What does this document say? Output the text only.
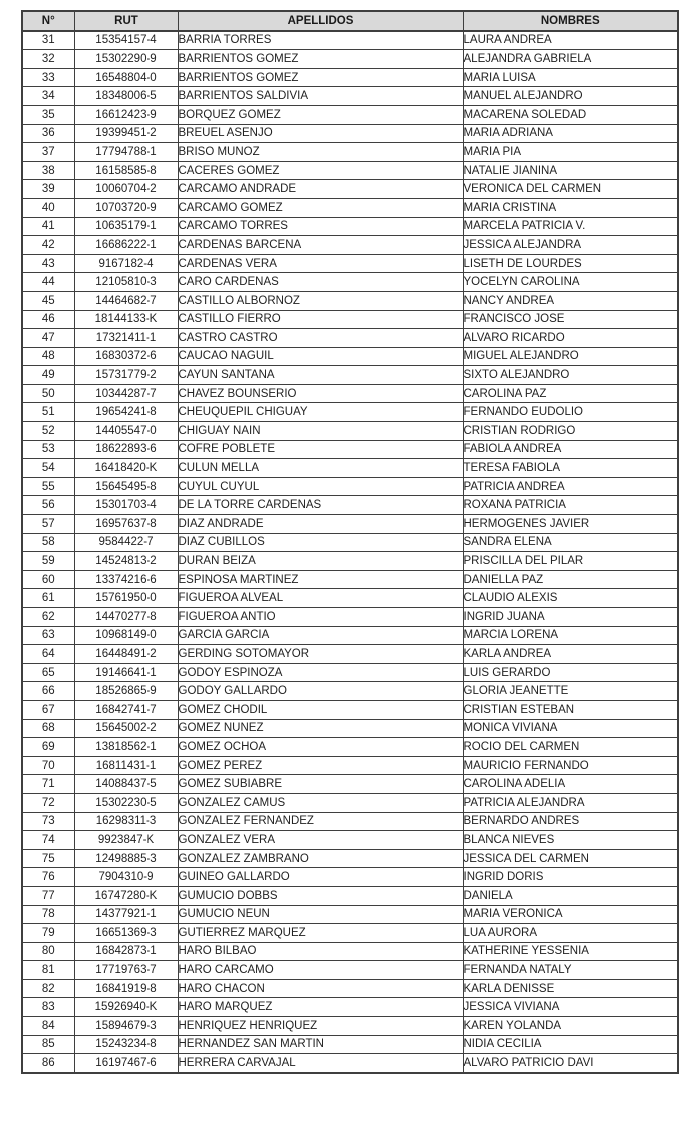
N°	RUT	APELLIDOS	NOMBRES
31	15354157-4	BARRIA TORRES	LAURA ANDREA
32	15302290-9	BARRIENTOS GOMEZ	ALEJANDRA GABRIELA
33	16548804-0	BARRIENTOS GOMEZ	MARIA LUISA
34	18348006-5	BARRIENTOS SALDIVIA	MANUEL ALEJANDRO
35	16612423-9	BORQUEZ GOMEZ	MACARENA SOLEDAD
36	19399451-2	BREUEL ASENJO	MARIA ADRIANA
37	17794788-1	BRISO MUNOZ	MARIA PIA
38	16158585-8	CACERES GOMEZ	NATALIE JIANINA
39	10060704-2	CARCAMO ANDRADE	VERONICA DEL CARMEN
40	10703720-9	CARCAMO GOMEZ	MARIA CRISTINA
41	10635179-1	CARCAMO TORRES	MARCELA PATRICIA V.
42	16686222-1	CARDENAS BARCENA	JESSICA ALEJANDRA
43	9167182-4	CARDENAS VERA	LISETH DE LOURDES
44	12105810-3	CARO CARDENAS	YOCELYN CAROLINA
45	14464682-7	CASTILLO ALBORNOZ	NANCY ANDREA
46	18144133-K	CASTILLO FIERRO	FRANCISCO JOSE
47	17321411-1	CASTRO CASTRO	ALVARO RICARDO
48	16830372-6	CAUCAO NAGUIL	MIGUEL ALEJANDRO
49	15731779-2	CAYUN SANTANA	SIXTO ALEJANDRO
50	10344287-7	CHAVEZ BOUNSERIO	CAROLINA PAZ
51	19654241-8	CHEUQUEPIL CHIGUAY	FERNANDO EUDOLIO
52	14405547-0	CHIGUAY NAIN	CRISTIAN RODRIGO
53	18622893-6	COFRE POBLETE	FABIOLA ANDREA
54	16418420-K	CULUN MELLA	TERESA FABIOLA
55	15645495-8	CUYUL CUYUL	PATRICIA ANDREA
56	15301703-4	DE LA TORRE CARDENAS	ROXANA PATRICIA
57	16957637-8	DIAZ ANDRADE	HERMOGENES JAVIER
58	9584422-7	DIAZ CUBILLOS	SANDRA ELENA
59	14524813-2	DURAN BEIZA	PRISCILLA DEL PILAR
60	13374216-6	ESPINOSA MARTINEZ	DANIELLA PAZ
61	15761950-0	FIGUEROA ALVEAL	CLAUDIO ALEXIS
62	14470277-8	FIGUEROA ANTIO	INGRID JUANA
63	10968149-0	GARCIA GARCIA	MARCIA LORENA
64	16448491-2	GERDING SOTOMAYOR	KARLA ANDREA
65	19146641-1	GODOY ESPINOZA	LUIS GERARDO
66	18526865-9	GODOY GALLARDO	GLORIA JEANETTE
67	16842741-7	GOMEZ CHODIL	CRISTIAN ESTEBAN
68	15645002-2	GOMEZ NUNEZ	MONICA VIVIANA
69	13818562-1	GOMEZ OCHOA	ROCIO DEL CARMEN
70	16811431-1	GOMEZ PEREZ	MAURICIO FERNANDO
71	14088437-5	GOMEZ SUBIABRE	CAROLINA ADELIA
72	15302230-5	GONZALEZ CAMUS	PATRICIA ALEJANDRA
73	16298311-3	GONZALEZ FERNANDEZ	BERNARDO ANDRES
74	9923847-K	GONZALEZ VERA	BLANCA NIEVES
75	12498885-3	GONZALEZ ZAMBRANO	JESSICA DEL CARMEN
76	7904310-9	GUINEO GALLARDO	INGRID DORIS
77	16747280-K	GUMUCIO DOBBS	DANIELA
78	14377921-1	GUMUCIO NEUN	MARIA VERONICA
79	16651369-3	GUTIERREZ MARQUEZ	LUA AURORA
80	16842873-1	HARO BILBAO	KATHERINE YESSENIA
81	17719763-7	HARO CARCAMO	FERNANDA NATALY
82	16841919-8	HARO CHACON	KARLA DENISSE
83	15926940-K	HARO MARQUEZ	JESSICA VIVIANA
84	15894679-3	HENRIQUEZ HENRIQUEZ	KAREN YOLANDA
85	15243234-8	HERNANDEZ SAN MARTIN	NIDIA CECILIA
86	16197467-6	HERRERA CARVAJAL	ALVARO PATRICIO DAVI
